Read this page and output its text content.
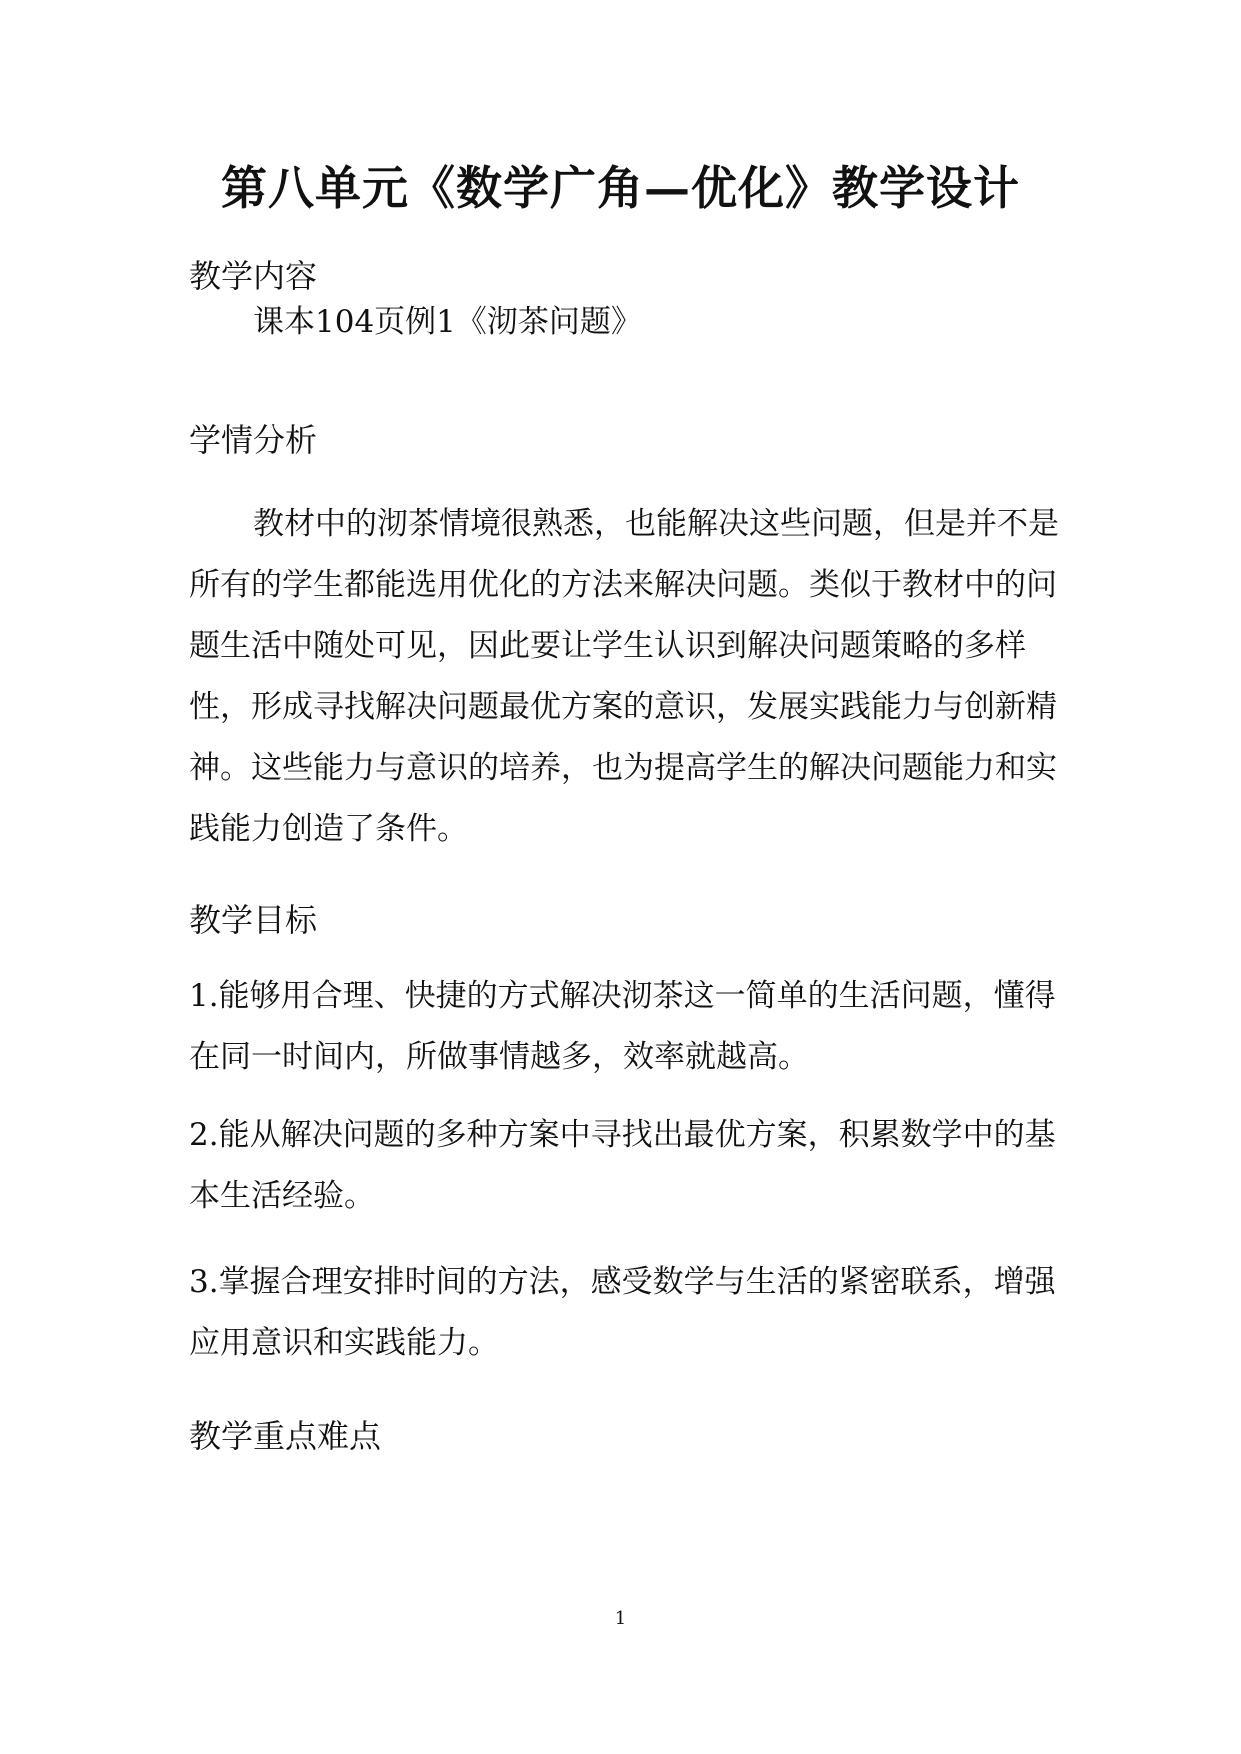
第八单元《数学广角—优化》教学设计
教学内容

课本104页例1《沏茶问题》

学情分析

教材中的沏茶情境很熟悉，也能解决这些问题，但是并不是所有的学生都能选用优化的方法来解决问题。类似于教材中的问题生活中随处可见，因此要让学生认识到解决问题策略的多样性，形成寻找解决问题最优方案的意识，发展实践能力与创新精神。这些能力与意识的培养，也为提高学生的解决问题能力和实践能力创造了条件。

教学目标

1.能够用合理、快捷的方式解决沏茶这一简单的生活问题，懂得在同一时间内，所做事情越多，效率就越高。

2.能从解决问题的多种方案中寻找出最优方案，积累数学中的基本生活经验。

3.掌握合理安排时间的方法，感受数学与生活的紧密联系，增强应用意识和实践能力。

教学重点难点
1
